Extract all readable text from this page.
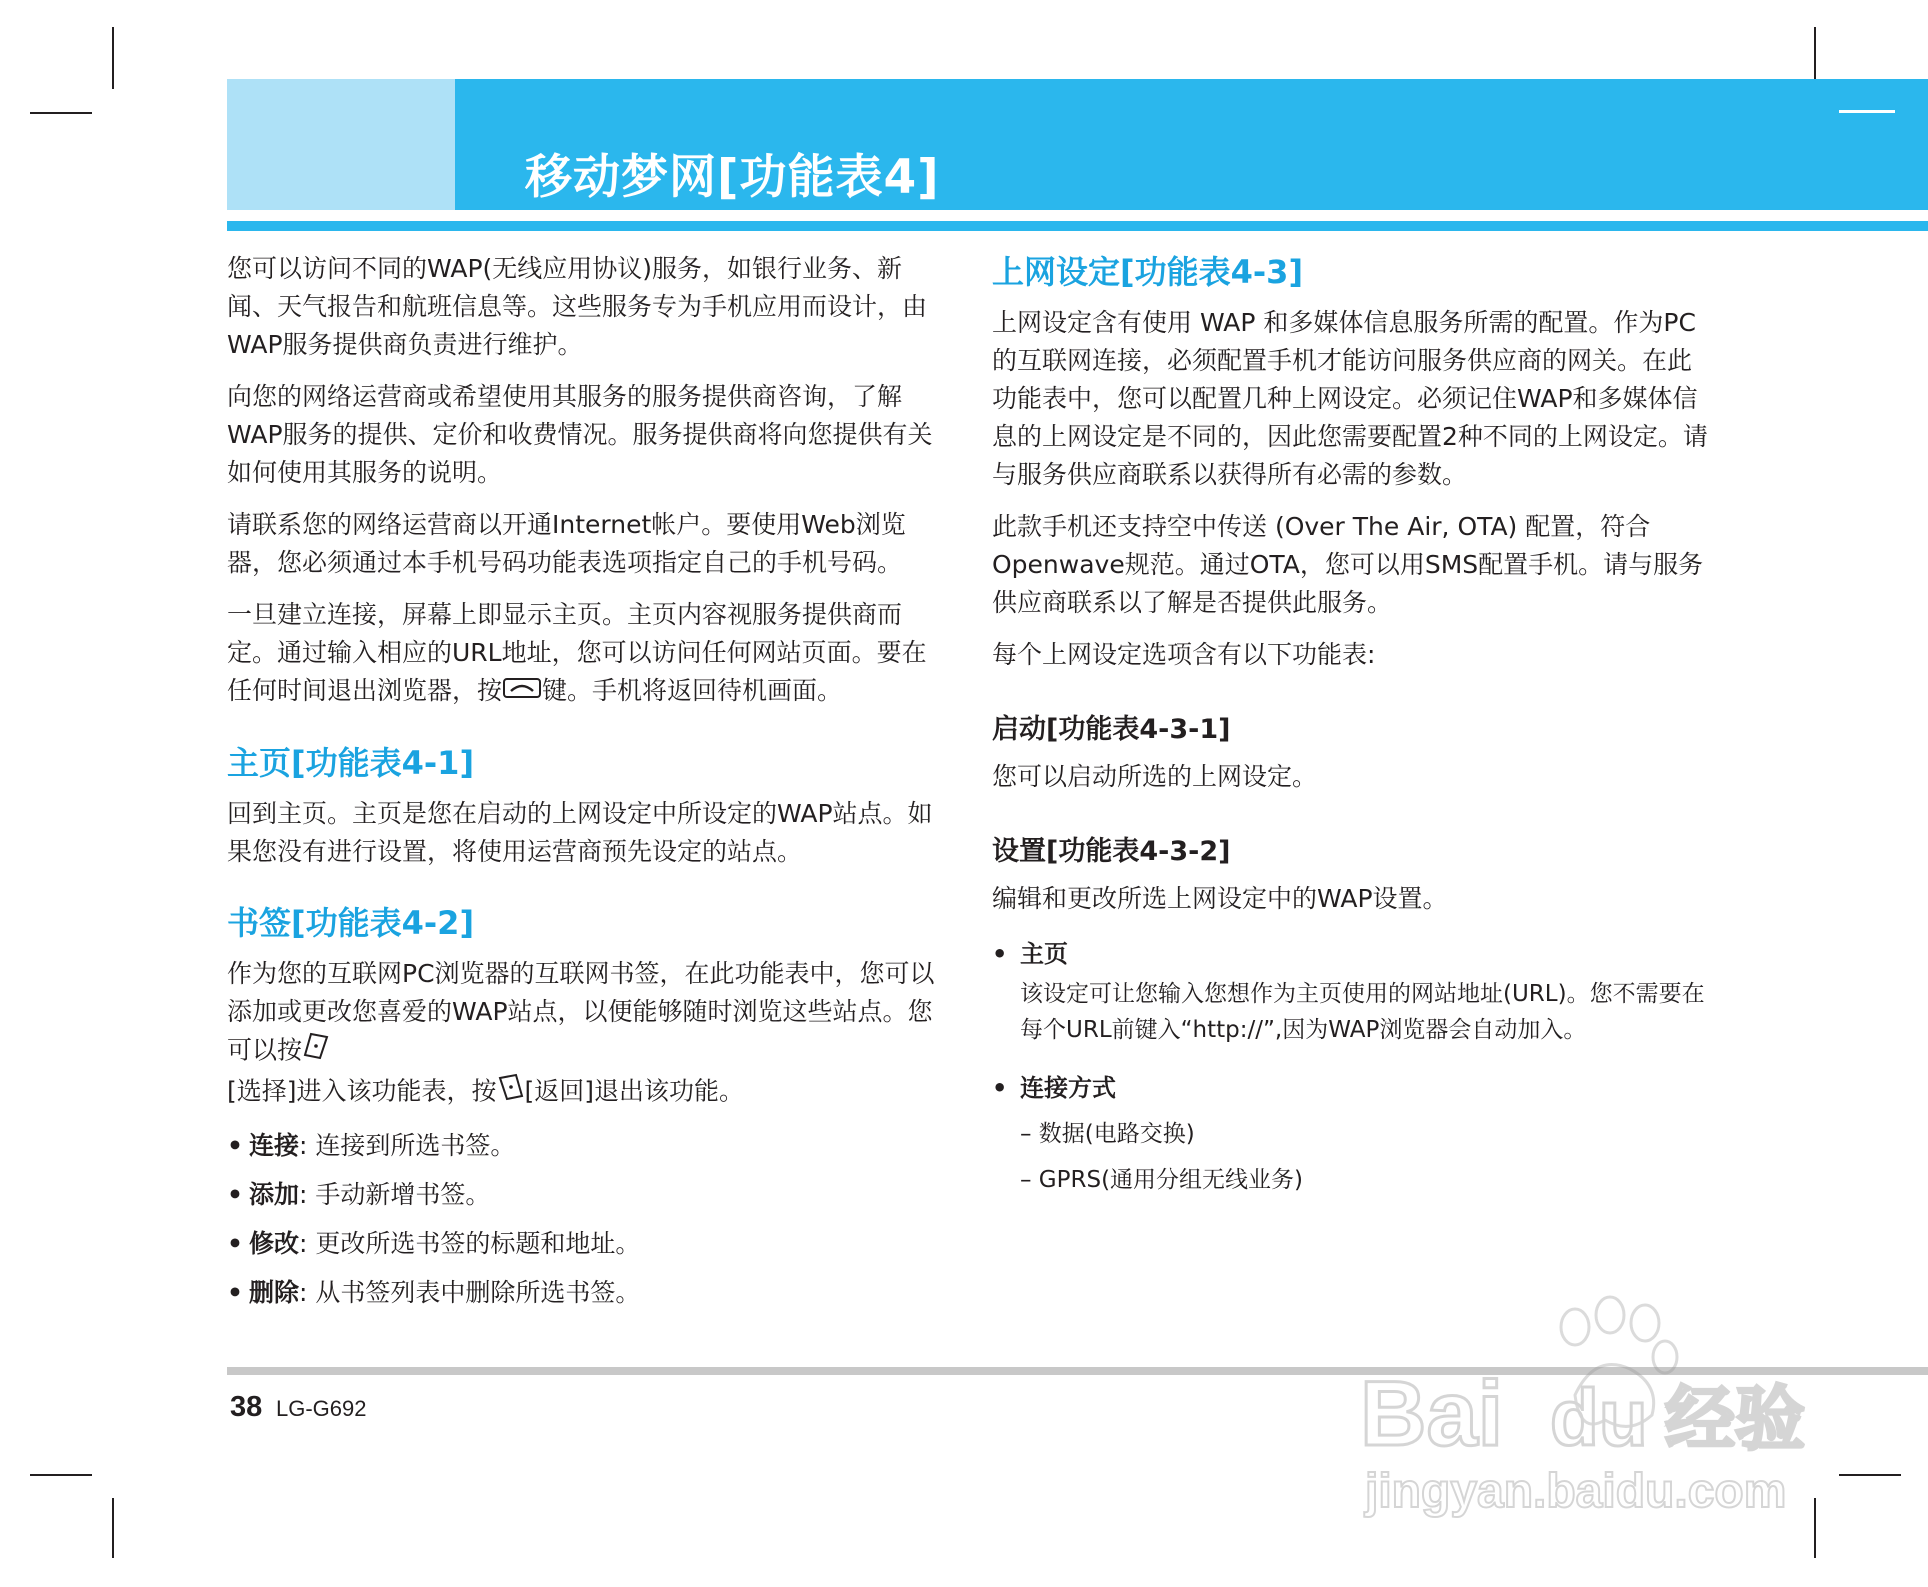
移动梦网[功能表4]

您可以访问不同的WAP(无线应用协议)服务，如银行业务、新闻、天气报告和航班信息等。这些服务专为手机应用而设计，由WAP服务提供商负责进行维护。

向您的网络运营商或希望使用其服务的服务提供商咨询，了解WAP服务的提供、定价和收费情况。服务提供商将向您提供有关如何使用其服务的说明。

请联系您的网络运营商以开通Internet帐户。要使用Web浏览器，您必须通过本手机号码功能表选项指定自己的手机号码。

一旦建立连接，屏幕上即显示主页。主页内容视服务提供商而定。通过输入相应的URL地址，您可以访问任何网站页面。要在任何时间退出浏览器，按 键。手机将返回待机画面。

主页[功能表4-1]

回到主页。主页是您在启动的上网设定中所设定的WAP站点。如果您没有进行设置，将使用运营商预先设定的站点。

书签[功能表4-2]

作为您的互联网PC浏览器的互联网书签，在此功能表中，您可以添加或更改您喜爱的WAP站点，以便能够随时浏览这些站点。您可以按
[选择]进入该功能表，按 [返回]退出该功能。

• 连接: 连接到所选书签。
• 添加: 手动新增书签。
• 修改: 更改所选书签的标题和地址。
• 删除: 从书签列表中删除所选书签。
上网设定[功能表4-3]

上网设定含有使用 WAP 和多媒体信息服务所需的配置。作为PC的互联网连接，必须配置手机才能访问服务供应商的网关。在此功能表中，您可以配置几种上网设定。必须记住WAP和多媒体信息的上网设定是不同的，因此您需要配置2种不同的上网设定。请与服务供应商联系以获得所有必需的参数。

此款手机还支持空中传送 (Over The Air, OTA) 配置，符合Openwave规范。通过OTA，您可以用SMS配置手机。请与服务供应商联系以了解是否提供此服务。

每个上网设定选项含有以下功能表:

启动[功能表4-3-1]

您可以启动所选的上网设定。

设置[功能表4-3-2]

编辑和更改所选上网设定中的WAP设置。

• 主页

该设定可让您输入您想作为主页使用的网站地址(URL)。您不需要在每个URL前键入“http://”,因为WAP浏览器会自动加入。

• 连接方式
– 数据(电路交换)
– GPRS(通用分组无线业务)
38 LG-G692	Bai du 经验
jingyan.baidu.com
